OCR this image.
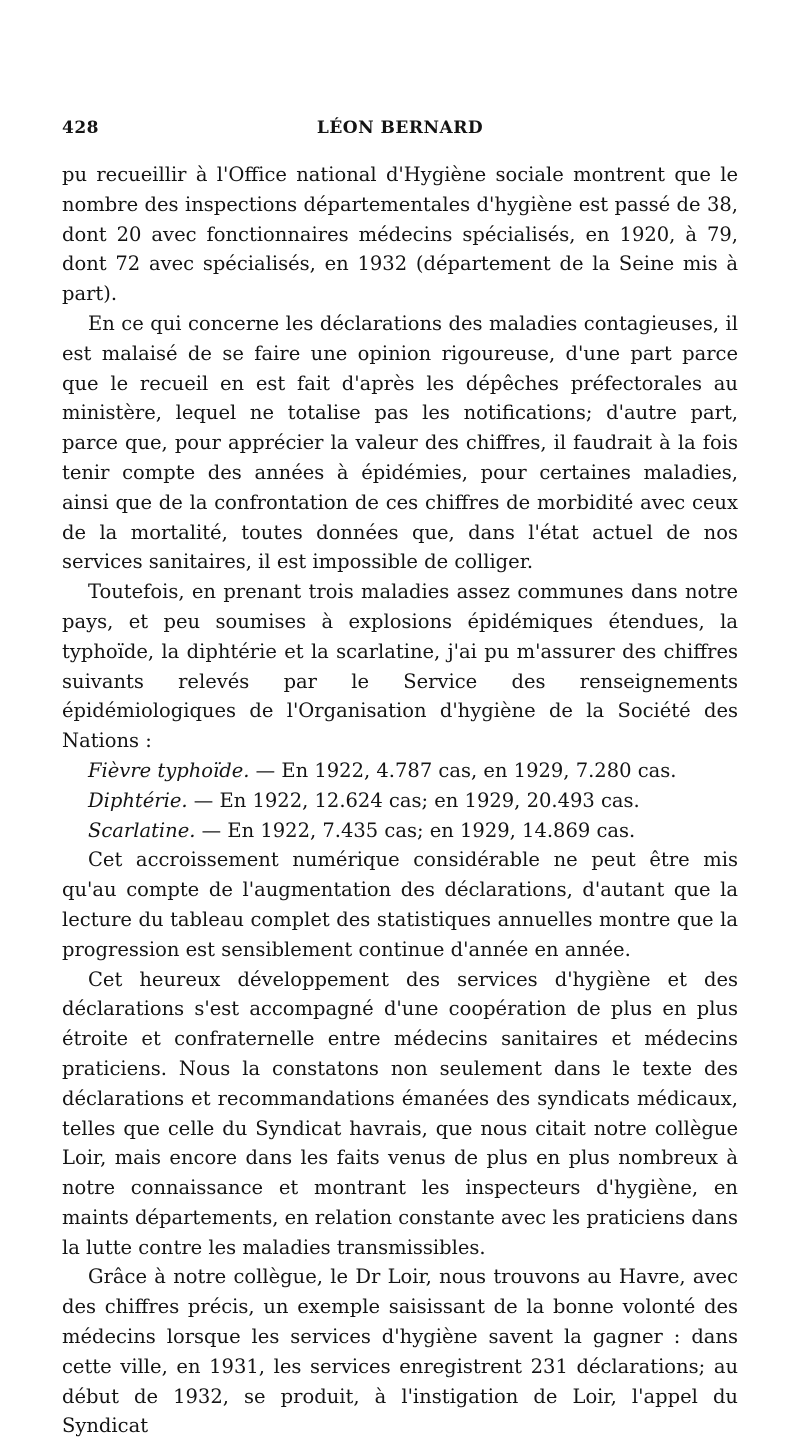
428	LÉON BERNARD

pu recueillir à l'Office national d'Hygiène sociale montrent que le nombre des inspections départementales d'hygiène est passé de 38, dont 20 avec fonctionnaires médecins spécialisés, en 1920, à 79, dont 72 avec spécialisés, en 1932 (département de la Seine mis à part).

En ce qui concerne les déclarations des maladies contagieuses, il est malaisé de se faire une opinion rigoureuse, d'une part parce que le recueil en est fait d'après les dépêches préfectorales au ministère, lequel ne totalise pas les notifications; d'autre part, parce que, pour apprécier la valeur des chiffres, il faudrait à la fois tenir compte des années à épidémies, pour certaines maladies, ainsi que de la confrontation de ces chiffres de morbidité avec ceux de la mortalité, toutes données que, dans l'état actuel de nos services sanitaires, il est impossible de colliger.

Toutefois, en prenant trois maladies assez communes dans notre pays, et peu soumises à explosions épidémiques étendues, la typhoïde, la diphtérie et la scarlatine, j'ai pu m'assurer des chiffres suivants relevés par le Service des renseignements épidémiologiques de l'Organisation d'hygiène de la Société des Nations :

Fièvre typhoïde. — En 1922, 4.787 cas, en 1929, 7.280 cas.

Diphtérie. — En 1922, 12.624 cas; en 1929, 20.493 cas.

Scarlatine. — En 1922, 7.435 cas; en 1929, 14.869 cas.

Cet accroissement numérique considérable ne peut être mis qu'au compte de l'augmentation des déclarations, d'autant que la lecture du tableau complet des statistiques annuelles montre que la progression est sensiblement continue d'année en année.

Cet heureux développement des services d'hygiène et des déclarations s'est accompagné d'une coopération de plus en plus étroite et confraternelle entre médecins sanitaires et médecins praticiens. Nous la constatons non seulement dans le texte des déclarations et recommandations émanées des syndicats médicaux, telles que celle du Syndicat havrais, que nous citait notre collègue Loir, mais encore dans les faits venus de plus en plus nombreux à notre connaissance et montrant les inspecteurs d'hygiène, en maints départements, en relation constante avec les praticiens dans la lutte contre les maladies transmissibles.

Grâce à notre collègue, le Dr Loir, nous trouvons au Havre, avec des chiffres précis, un exemple saisissant de la bonne volonté des médecins lorsque les services d'hygiène savent la gagner : dans cette ville, en 1931, les services enregistrent 231 déclarations; au début de 1932, se produit, à l'instigation de Loir, l'appel du Syndicat
